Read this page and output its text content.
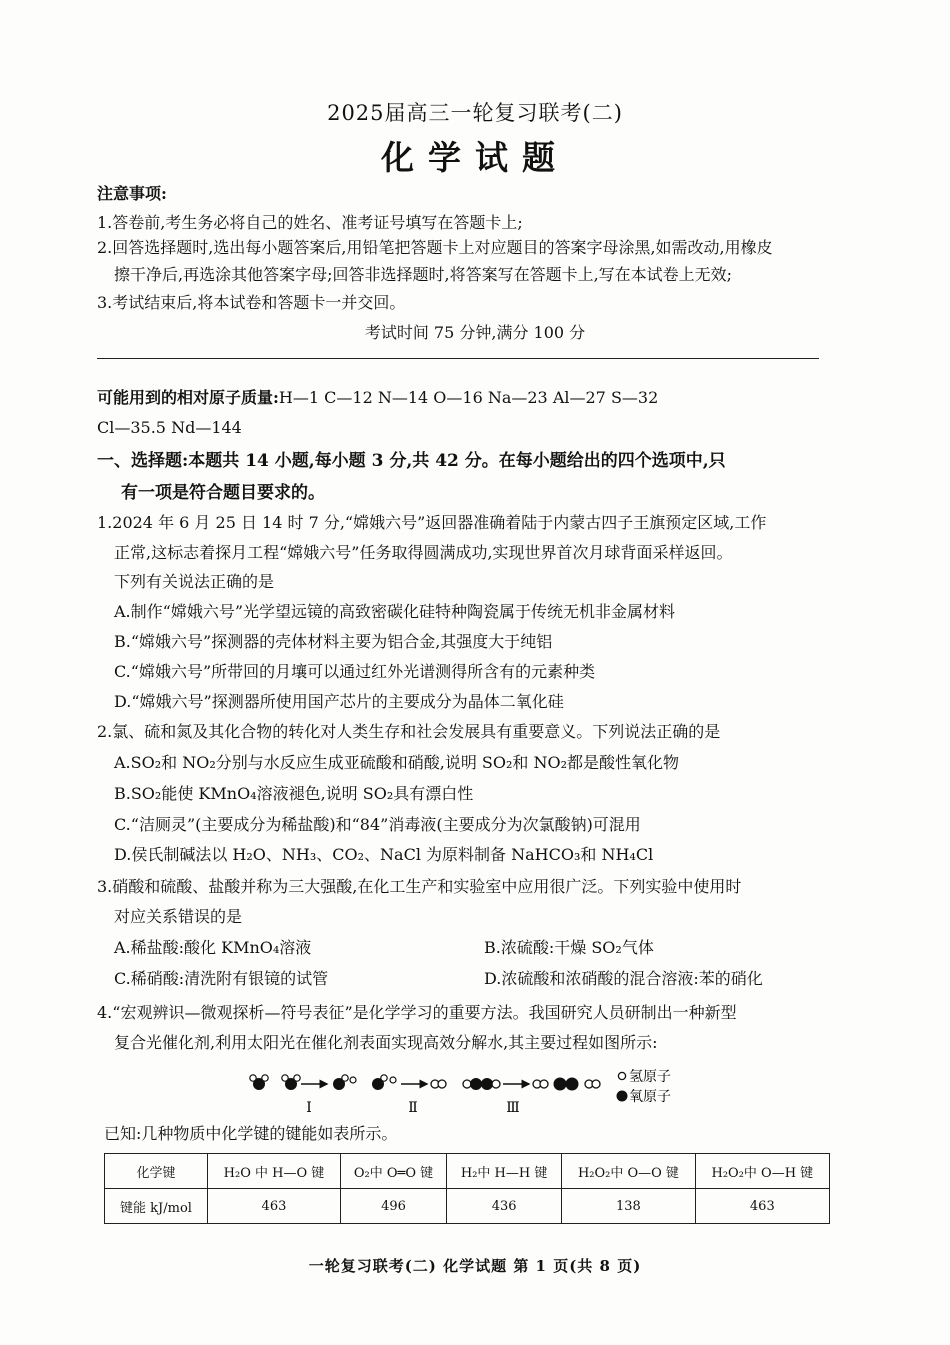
2025届高三一轮复习联考(二)
化学试题
注意事项:
1.答卷前,考生务必将自己的姓名、准考证号填写在答题卡上;
2.回答选择题时,选出每小题答案后,用铅笔把答题卡上对应题目的答案字母涂黑,如需改动,用橡皮
擦干净后,再选涂其他答案字母;回答非选择题时,将答案写在答题卡上,写在本试卷上无效;
3.考试结束后,将本试卷和答题卡一并交回。
考试时间 75 分钟,满分 100 分
可能用到的相对原子质量:H—1 C—12 N—14 O—16 Na—23 Al—27 S—32
Cl—35.5 Nd—144
一、选择题:本题共 14 小题,每小题 3 分,共 42 分。在每小题给出的四个选项中,只
有一项是符合题目要求的。
1.2024 年 6 月 25 日 14 时 7 分,“嫦娥六号”返回器准确着陆于内蒙古四子王旗预定区域,工作
正常,这标志着探月工程“嫦娥六号”任务取得圆满成功,实现世界首次月球背面采样返回。
下列有关说法正确的是
A.制作“嫦娥六号”光学望远镜的高致密碳化硅特种陶瓷属于传统无机非金属材料
B.“嫦娥六号”探测器的壳体材料主要为铝合金,其强度大于纯铝
C.“嫦娥六号”所带回的月壤可以通过红外光谱测得所含有的元素种类
D.“嫦娥六号”探测器所使用国产芯片的主要成分为晶体二氧化硅
2.氯、硫和氮及其化合物的转化对人类生存和社会发展具有重要意义。下列说法正确的是
A.SO₂和 NO₂分别与水反应生成亚硫酸和硝酸,说明 SO₂和 NO₂都是酸性氧化物
B.SO₂能使 KMnO₄溶液褪色,说明 SO₂具有漂白性
C.“洁厕灵”(主要成分为稀盐酸)和“84”消毒液(主要成分为次氯酸钠)可混用
D.侯氏制碱法以 H₂O、NH₃、CO₂、NaCl 为原料制备 NaHCO₃和 NH₄Cl
3.硝酸和硫酸、盐酸并称为三大强酸,在化工生产和实验室中应用很广泛。下列实验中使用时
对应关系错误的是
A.稀盐酸:酸化 KMnO₄溶液	B.浓硫酸:干燥 SO₂气体
C.稀硝酸:清洗附有银镜的试管	D.浓硫酸和浓硝酸的混合溶液:苯的硝化
4.“宏观辨识—微观探析—符号表征”是化学学习的重要方法。我国研究人员研制出一种新型
复合光催化剂,利用太阳光在催化剂表面实现高效分解水,其主要过程如图所示:
Ⅰ	Ⅱ	Ⅲ
氢原子
氧原子
已知:几种物质中化学键的键能如表所示。
化学键	H₂O 中 H—O 键	O₂中 O═O 键	H₂中 H—H 键	H₂O₂中 O—O 键	H₂O₂中 O—H 键
键能 kJ/mol	463	496	436	138	463
一轮复习联考(二) 化学试题 第 1 页(共 8 页)
